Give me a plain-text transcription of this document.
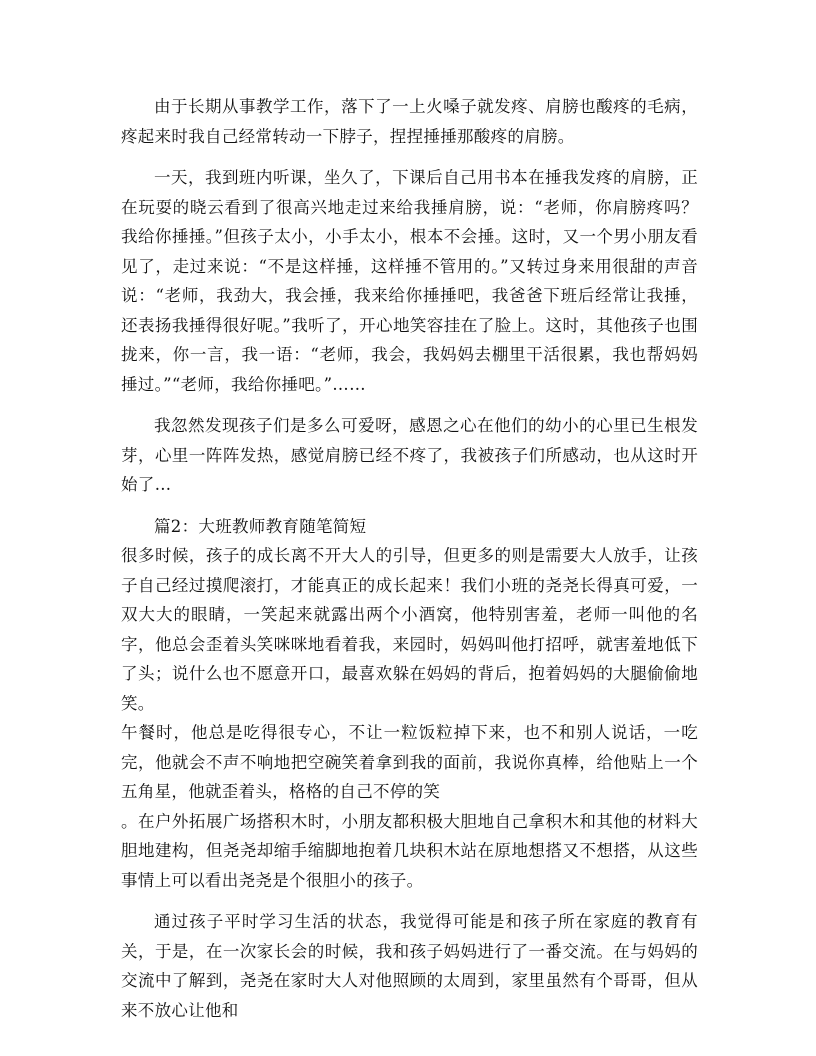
由于长期从事教学工作，落下了一上火嗓子就发疼、肩膀也酸疼的毛病，疼起来时我自己经常转动一下脖子，捏捏捶捶那酸疼的肩膀。

一天，我到班内听课，坐久了，下课后自己用书本在捶我发疼的肩膀，正在玩耍的晓云看到了很高兴地走过来给我捶肩膀，说：“老师，你肩膀疼吗？我给你捶捶。”但孩子太小，小手太小，根本不会捶。这时，又一个男小朋友看见了，走过来说：“不是这样捶，这样捶不管用的。”又转过身来用很甜的声音说：“老师，我劲大，我会捶，我来给你捶捶吧，我爸爸下班后经常让我捶，还表扬我捶得很好呢。”我听了，开心地笑容挂在了脸上。这时，其他孩子也围拢来，你一言，我一语：“老师，我会，我妈妈去棚里干活很累，我也帮妈妈捶过。”“老师，我给你捶吧。”……

我忽然发现孩子们是多么可爱呀，感恩之心在他们的幼小的心里已生根发芽，心里一阵阵发热，感觉肩膀已经不疼了，我被孩子们所感动，也从这时开始了…

篇2：大班教师教育随笔简短

很多时候，孩子的成长离不开大人的引导，但更多的则是需要大人放手，让孩子自己经过摸爬滚打，才能真正的成长起来！我们小班的尧尧长得真可爱，一双大大的眼睛，一笑起来就露出两个小酒窝，他特别害羞，老师一叫他的名字，他总会歪着头笑咪咪地看着我，来园时，妈妈叫他打招呼，就害羞地低下了头；说什么也不愿意开口，最喜欢躲在妈妈的背后，抱着妈妈的大腿偷偷地笑。

午餐时，他总是吃得很专心，不让一粒饭粒掉下来，也不和别人说话，一吃完，他就会不声不响地把空碗笑着拿到我的面前，我说你真棒，给他贴上一个五角星，他就歪着头，格格的自己不停的笑

。在户外拓展广场搭积木时，小朋友都积极大胆地自己拿积木和其他的材料大胆地建构，但尧尧却缩手缩脚地抱着几块积木站在原地想搭又不想搭，从这些事情上可以看出尧尧是个很胆小的孩子。

通过孩子平时学习生活的状态，我觉得可能是和孩子所在家庭的教育有关，于是，在一次家长会的时候，我和孩子妈妈进行了一番交流。在与妈妈的交流中了解到，尧尧在家时大人对他照顾的太周到，家里虽然有个哥哥，但从来不放心让他和
